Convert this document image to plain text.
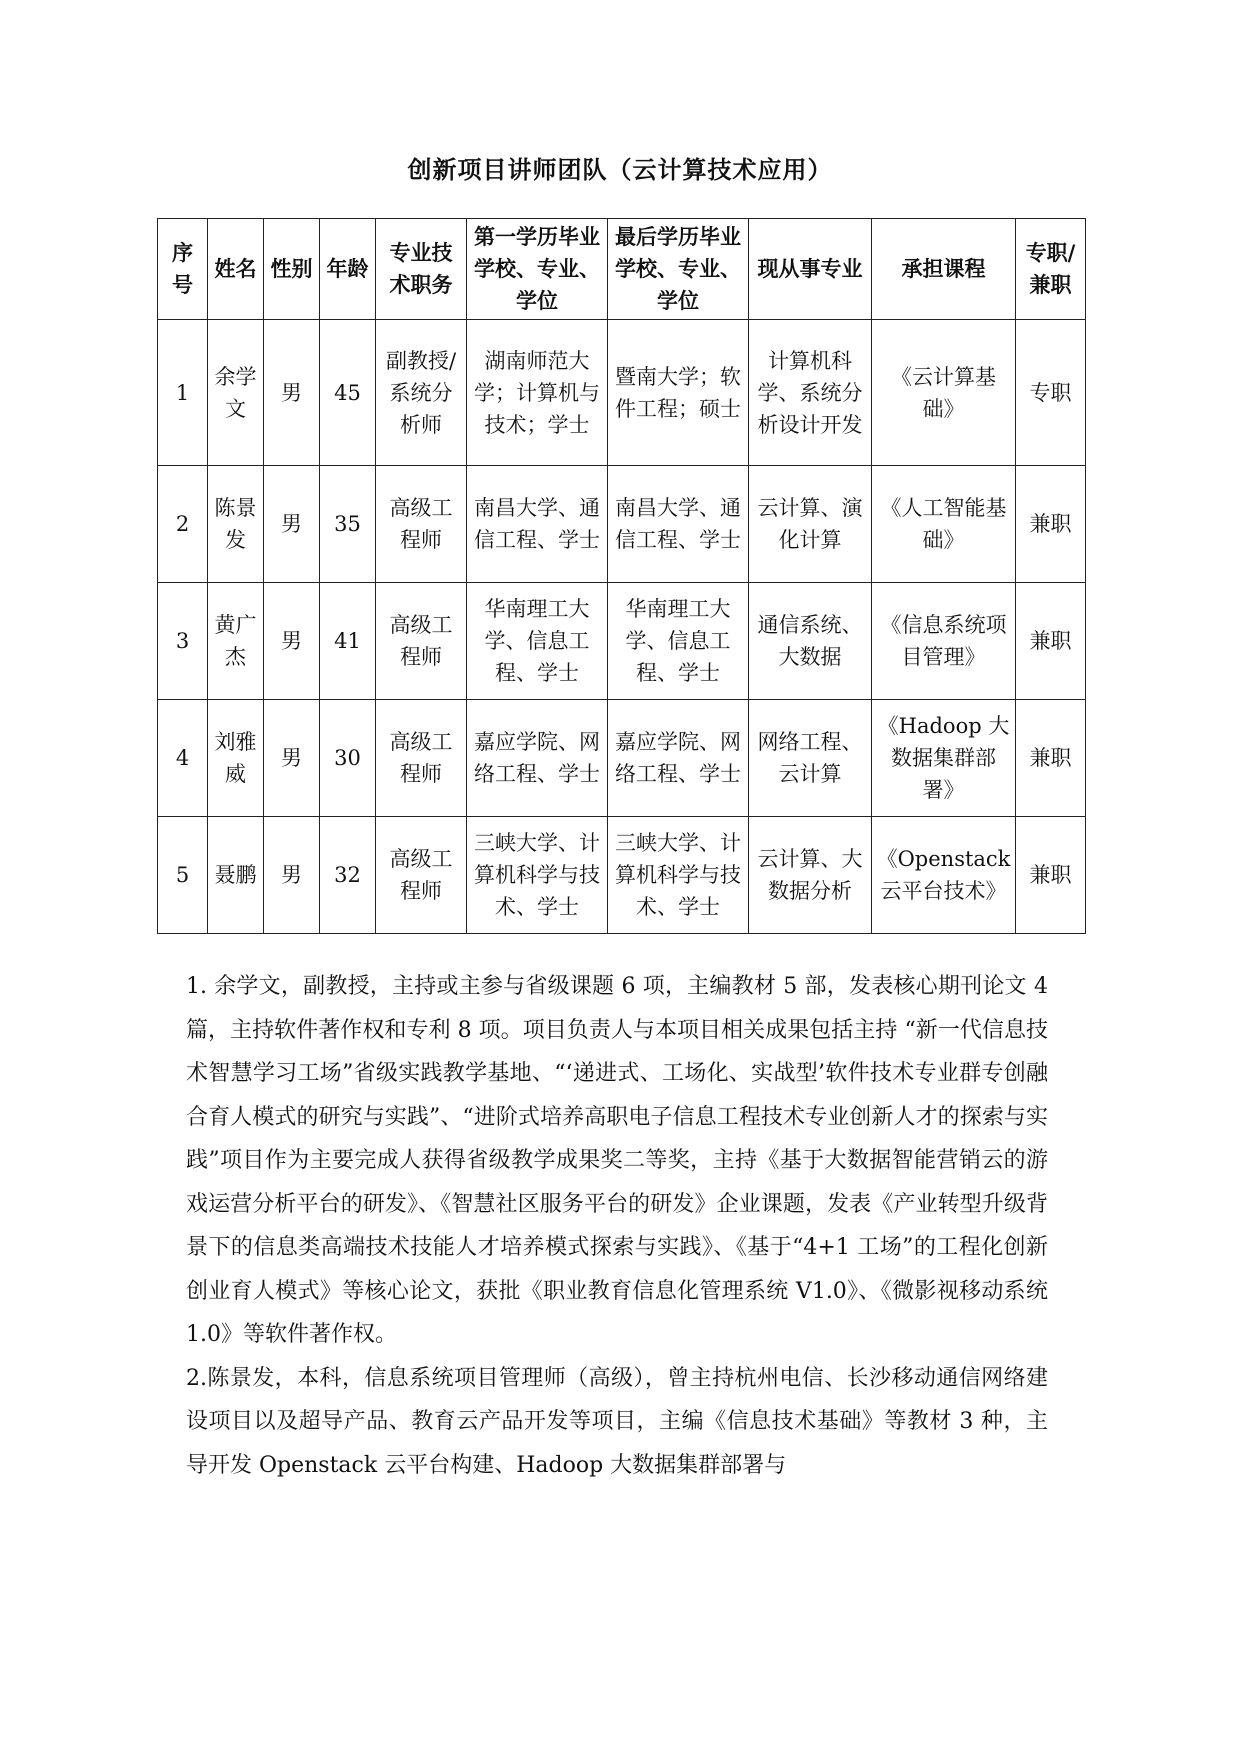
创新项目讲师团队（云计算技术应用）
序号	姓名	性别	年龄	专业技术职务	第一学历毕业学校、专业、学位	最后学历毕业学校、专业、学位	现从事专业	承担课程	专职/兼职
1	余学文	男	45	副教授/系统分析师	湖南师范大学；计算机与技术；学士	暨南大学；软件工程；硕士	计算机科学、系统分析设计开发	《云计算基础》	专职
2	陈景发	男	35	高级工程师	南昌大学、通信工程、学士	南昌大学、通信工程、学士	云计算、演化计算	《人工智能基础》	兼职
3	黄广杰	男	41	高级工程师	华南理工大学、信息工程、学士	华南理工大学、信息工程、学士	通信系统、大数据	《信息系统项目管理》	兼职
4	刘雅威	男	30	高级工程师	嘉应学院、网络工程、学士	嘉应学院、网络工程、学士	网络工程、云计算	《Hadoop 大数据集群部署》	兼职
5	聂鹏	男	32	高级工程师	三峡大学、计算机科学与技术、学士	三峡大学、计算机科学与技术、学士	云计算、大数据分析	《Openstack云平台技术》	兼职

1. 余学文，副教授，主持或主参与省级课题 6 项，主编教材 5 部，发表核心期刊论文 4 篇，主持软件著作权和专利 8 项。项目负责人与本项目相关成果包括主持 “新一代信息技术智慧学习工场”省级实践教学基地、“‘递进式、工场化、实战型’软件技术专业群专创融合育人模式的研究与实践”、“进阶式培养高职电子信息工程技术专业创新人才的探索与实践”项目作为主要完成人获得省级教学成果奖二等奖，主持《基于大数据智能营销云的游戏运营分析平台的研发》、《智慧社区服务平台的研发》企业课题，发表《产业转型升级背景下的信息类高端技术技能人才培养模式探索与实践》、《基于“4+1 工场”的工程化创新创业育人模式》等核心论文，获批《职业教育信息化管理系统 V1.0》、《微影视移动系统 1.0》等软件著作权。

2.陈景发，本科，信息系统项目管理师（高级），曾主持杭州电信、长沙移动通信网络建设项目以及超导产品、教育云产品开发等项目，主编《信息技术基础》等教材 3 种，主导开发 Openstack 云平台构建、Hadoop 大数据集群部署与
